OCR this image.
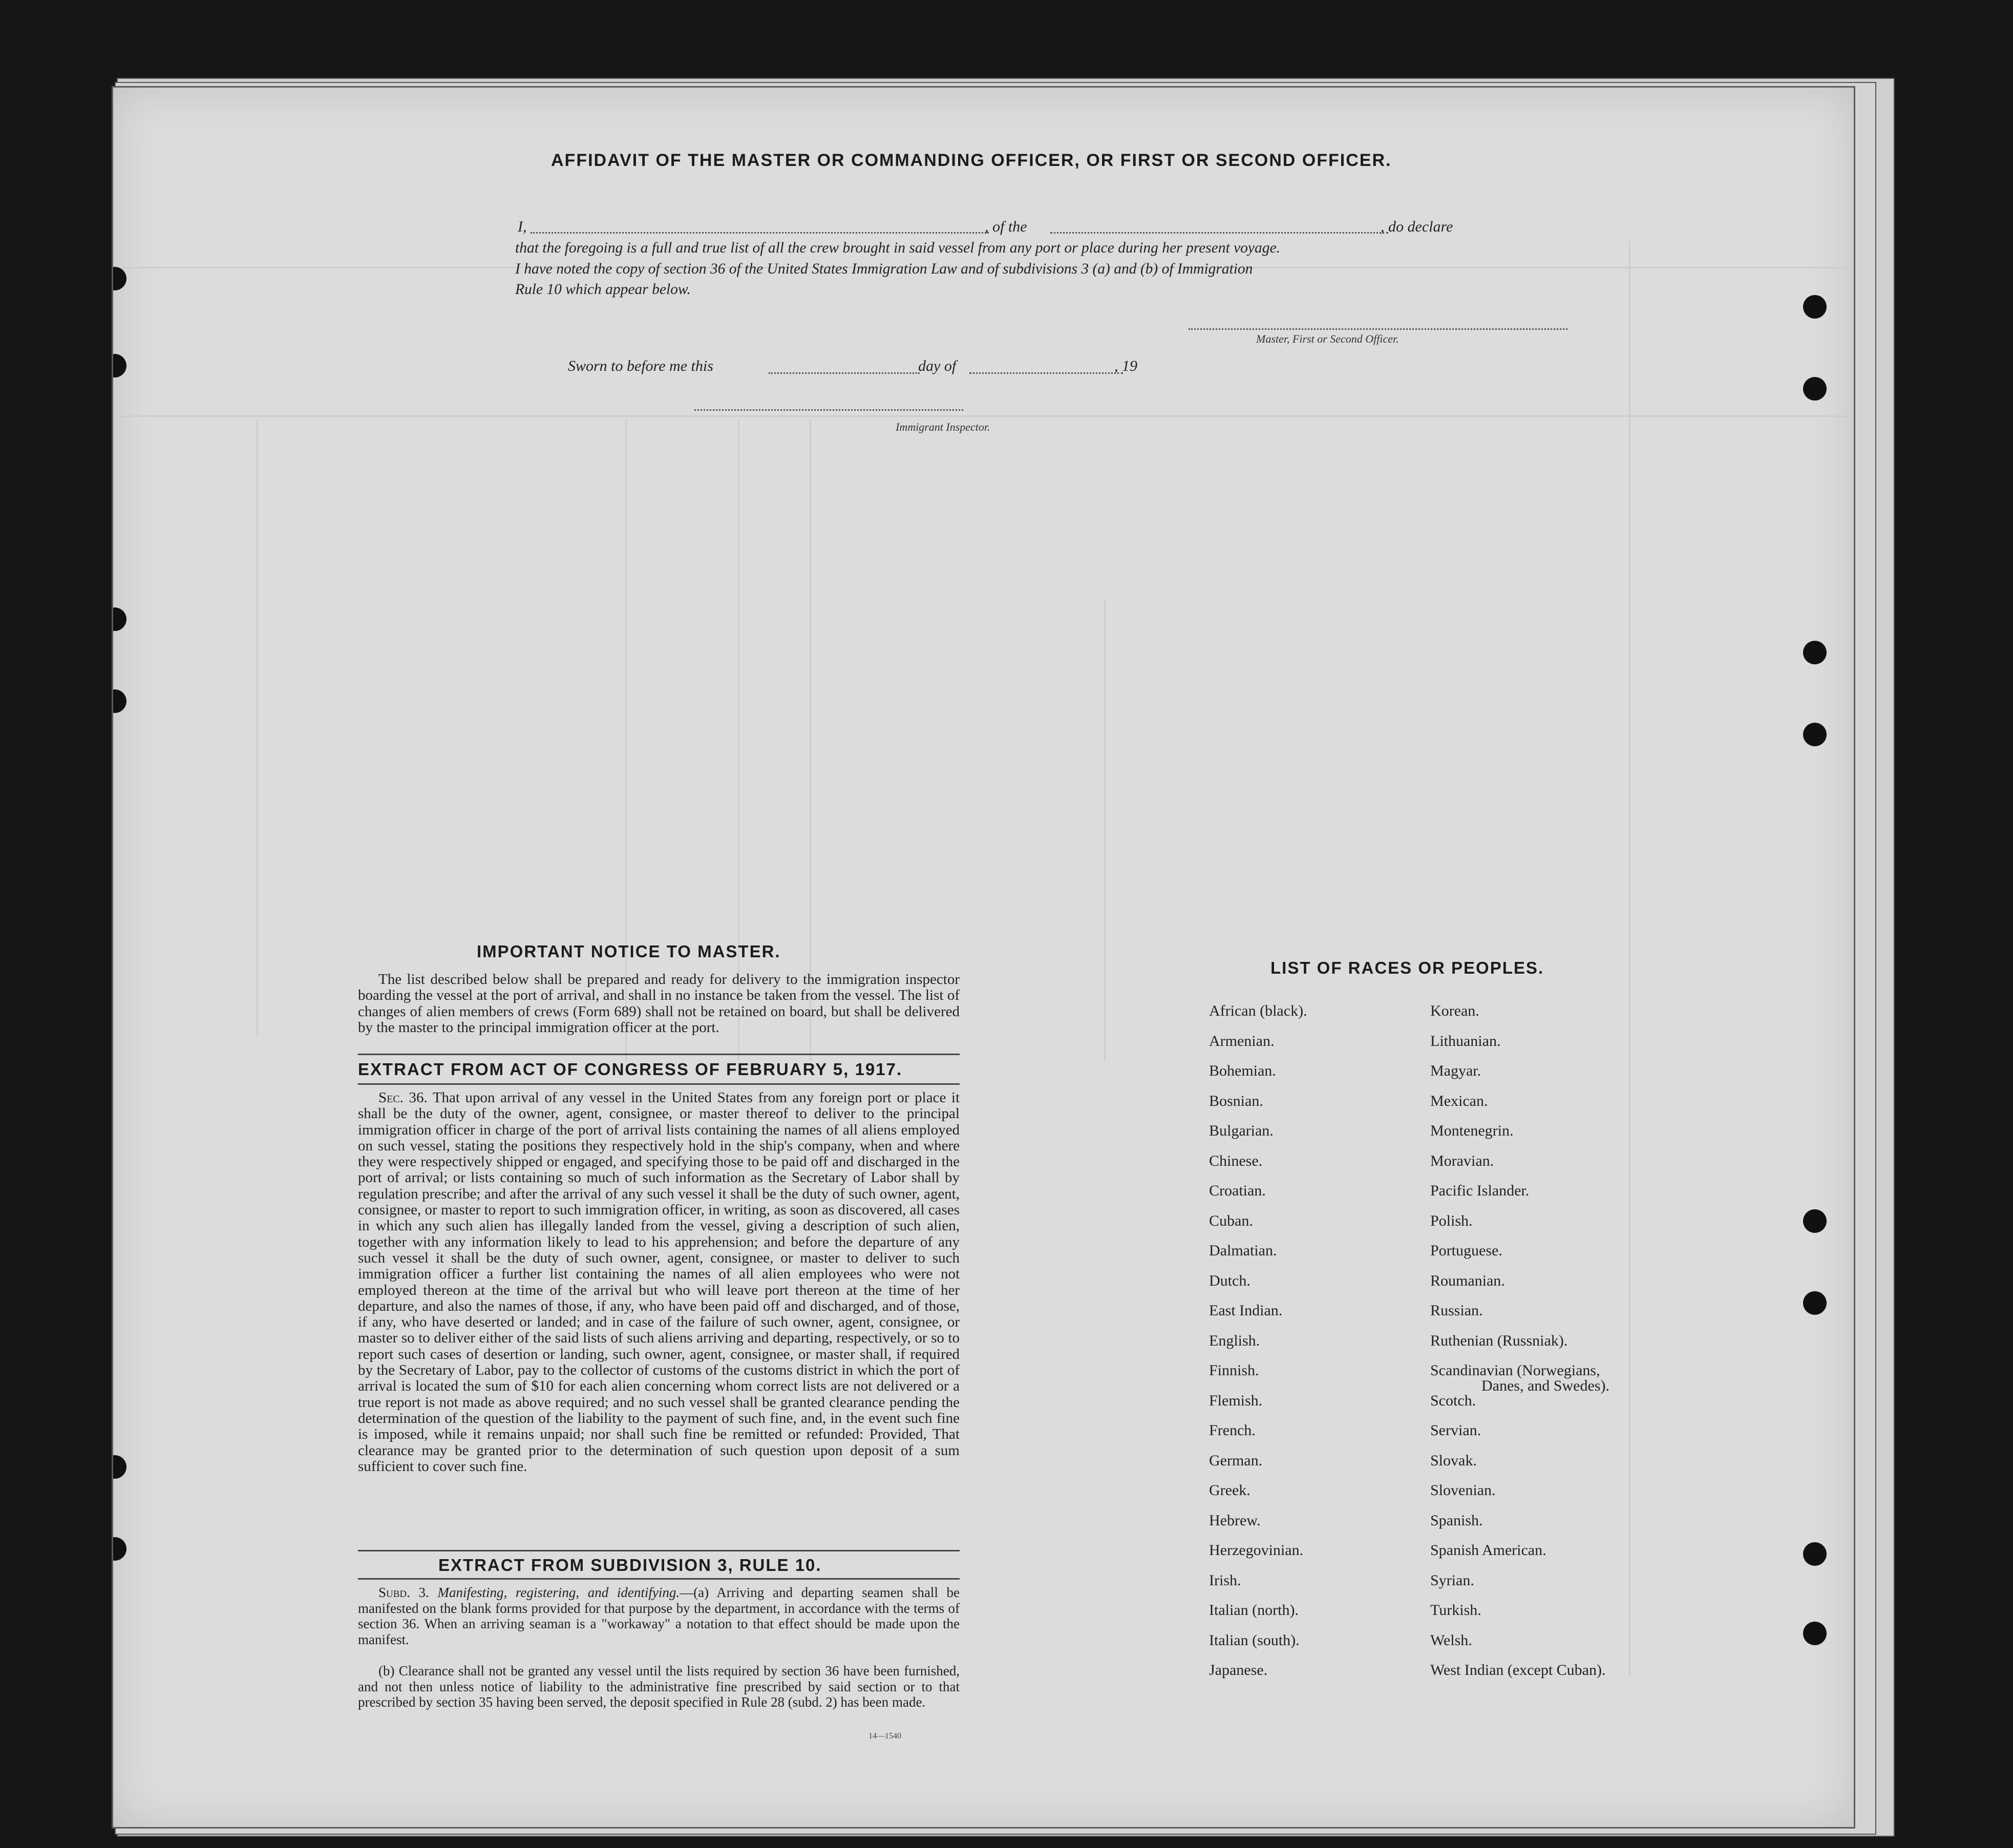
AFFIDAVIT OF THE MASTER OR COMMANDING OFFICER, OR FIRST OR SECOND OFFICER.
I,	, of the	, do declare
that the foregoing is a full and true list of all the crew brought in said vessel from any port or place during her present voyage.
I have noted the copy of section 36 of the United States Immigration Law and of subdivisions 3 (a) and (b) of Immigration
Rule 10 which appear below.
Master, First or Second Officer.
Sworn to before me this	day of	, 19
Immigrant Inspector.
IMPORTANT NOTICE TO MASTER.

The list described below shall be prepared and ready for delivery to the immigration inspector boarding the vessel at the port of arrival, and shall in no instance be taken from the vessel. The list of changes of alien members of crews (Form 689) shall not be retained on board, but shall be delivered by the master to the principal immigration officer at the port.

EXTRACT FROM ACT OF CONGRESS OF FEBRUARY 5, 1917.

Sec. 36. That upon arrival of any vessel in the United States from any foreign port or place it shall be the duty of the owner, agent, consignee, or master thereof to deliver to the principal immigration officer in charge of the port of arrival lists containing the names of all aliens employed on such vessel, stating the positions they respectively hold in the ship's company, when and where they were respectively shipped or engaged, and specifying those to be paid off and discharged in the port of arrival; or lists containing so much of such information as the Secretary of Labor shall by regulation prescribe; and after the arrival of any such vessel it shall be the duty of such owner, agent, consignee, or master to report to such immigration officer, in writing, as soon as discovered, all cases in which any such alien has illegally landed from the vessel, giving a description of such alien, together with any information likely to lead to his apprehension; and before the departure of any such vessel it shall be the duty of such owner, agent, consignee, or master to deliver to such immigration officer a further list containing the names of all alien employees who were not employed thereon at the time of the arrival but who will leave port thereon at the time of her departure, and also the names of those, if any, who have been paid off and discharged, and of those, if any, who have deserted or landed; and in case of the failure of such owner, agent, consignee, or master so to deliver either of the said lists of such aliens arriving and departing, respectively, or so to report such cases of desertion or landing, such owner, agent, consignee, or master shall, if required by the Secretary of Labor, pay to the collector of customs of the customs district in which the port of arrival is located the sum of $10 for each alien concerning whom correct lists are not delivered or a true report is not made as above required; and no such vessel shall be granted clearance pending the determination of the question of the liability to the payment of such fine, and, in the event such fine is imposed, while it remains unpaid; nor shall such fine be remitted or refunded: Provided, That clearance may be granted prior to the determination of such question upon deposit of a sum sufficient to cover such fine.

EXTRACT FROM SUBDIVISION 3, RULE 10.

Subd. 3. Manifesting, registering, and identifying.—(a) Arriving and departing seamen shall be manifested on the blank forms provided for that purpose by the department, in accordance with the terms of section 36. When an arriving seaman is a "workaway" a notation to that effect should be made upon the manifest.

(b) Clearance shall not be granted any vessel until the lists required by section 36 have been furnished, and not then unless notice of liability to the administrative fine prescribed by said section or to that prescribed by section 35 having been served, the deposit specified in Rule 28 (subd. 2) has been made.

14—1540
LIST OF RACES OR PEOPLES.
African (black).
Armenian.
Bohemian.
Bosnian.
Bulgarian.
Chinese.
Croatian.
Cuban.
Dalmatian.
Dutch.
East Indian.
English.
Finnish.
Flemish.
French.
German.
Greek.
Hebrew.
Herzegovinian.
Irish.
Italian (north).
Italian (south).
Japanese.
Korean.
Lithuanian.
Magyar.
Mexican.
Montenegrin.
Moravian.
Pacific Islander.
Polish.
Portuguese.
Roumanian.
Russian.
Ruthenian (Russniak).
Scandinavian (Norwegians,
Danes, and Swedes).
Scotch.
Servian.
Slovak.
Slovenian.
Spanish.
Spanish American.
Syrian.
Turkish.
Welsh.
West Indian (except Cuban).
